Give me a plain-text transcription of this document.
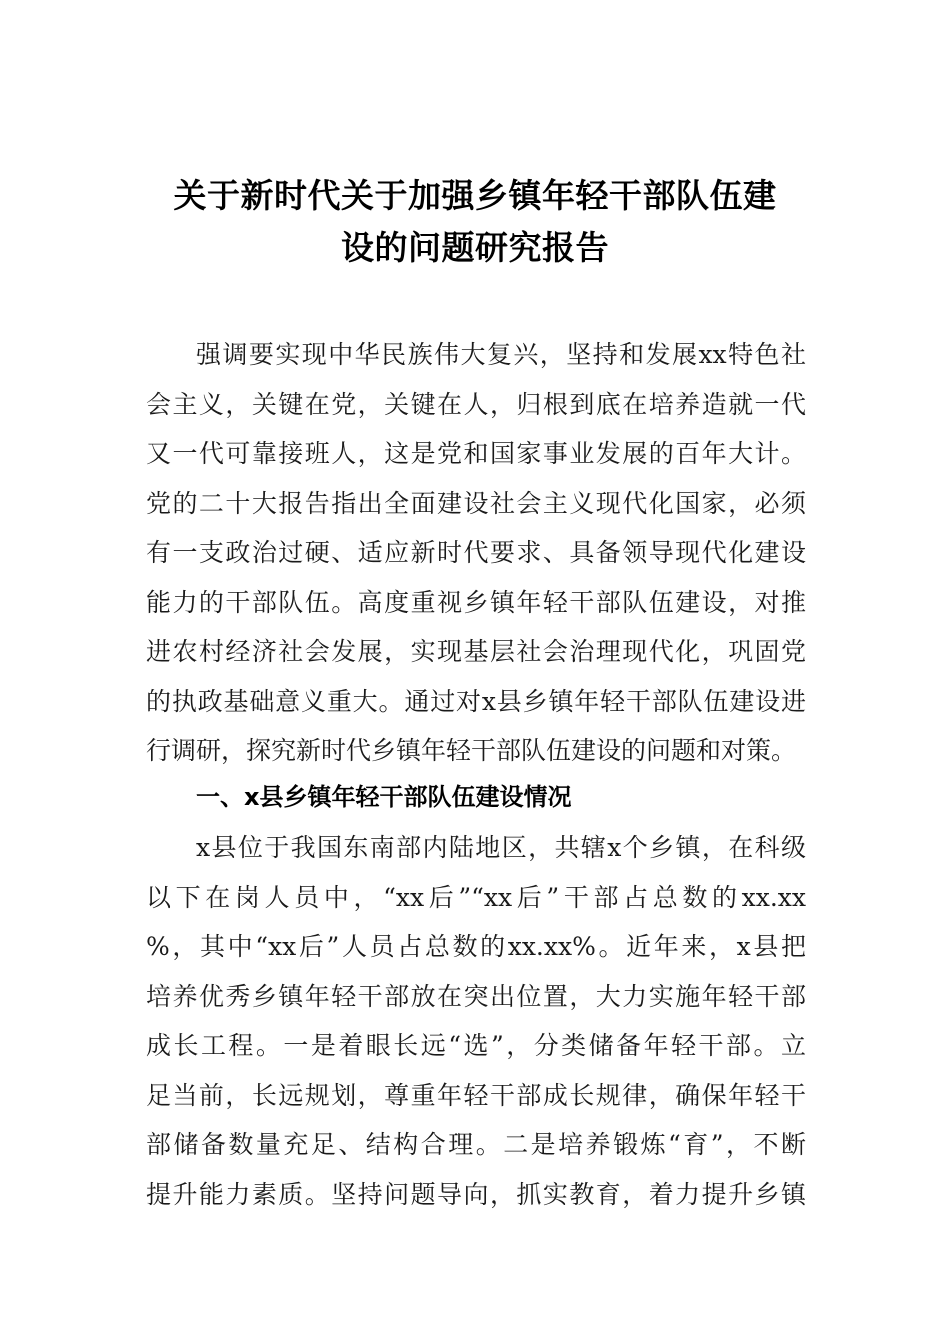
关于新时代关于加强乡镇年轻干部队伍建
设的问题研究报告
强调要实现中华民族伟大复兴，坚持和发展xx特色社
会主义，关键在党，关键在人，归根到底在培养造就一代
又一代可靠接班人，这是党和国家事业发展的百年大计。
党的二十大报告指出全面建设社会主义现代化国家，必须
有一支政治过硬、适应新时代要求、具备领导现代化建设
能力的干部队伍。高度重视乡镇年轻干部队伍建设，对推
进农村经济社会发展，实现基层社会治理现代化，巩固党
的执政基础意义重大。通过对x县乡镇年轻干部队伍建设进
行调研，探究新时代乡镇年轻干部队伍建设的问题和对策。
一、x县乡镇年轻干部队伍建设情况
x县位于我国东南部内陆地区，共辖x个乡镇，在科级
以下在岗人员中，“xx后”“xx后”干部占总数的xx.xx
%，其中“xx后”人员占总数的xx.xx%。近年来，x县把
培养优秀乡镇年轻干部放在突出位置，大力实施年轻干部
成长工程。一是着眼长远“选”，分类储备年轻干部。立
足当前，长远规划，尊重年轻干部成长规律，确保年轻干
部储备数量充足、结构合理。二是培养锻炼“育”，不断
提升能力素质。坚持问题导向，抓实教育，着力提升乡镇
